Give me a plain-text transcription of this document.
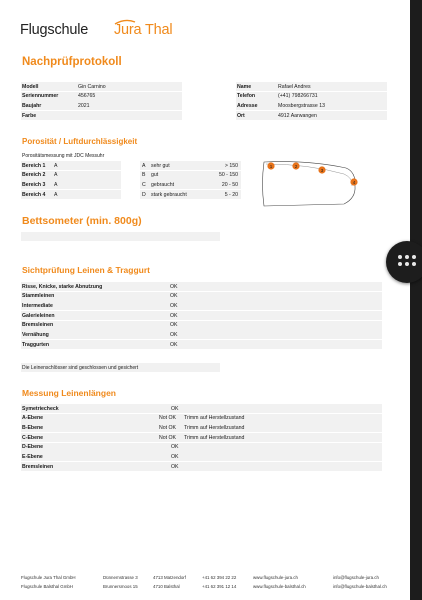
Flugschule Jura Thal
Nachprüfprotokoll
Modell	Gin Carnino
Seriennummer	456765
Baujahr	2021
Farbe
Name	Rafael Andres
Telefon	(+41) 798266731
Adresse	Moosbergstrasse 13
Ort	4912 Aarwangen
Porosität / Luftdurchlässigkeit
Porositätsmessung mit JDC Messuhr
Bereich 1 A
Bereich 2 A
Bereich 3 A
Bereich 4 A
A sehr gut	> 150
B gut	50 - 150
C gebraucht	20 - 50
D stark gebraucht	5 - 20
1	2
3
4
Bettsometer (min. 800g)
Sichtprüfung Leinen & Traggurt
Risse, Knicke, starke Abnutzung	OK
Stammleinen	OK
Intermediate	OK
Galerieleinen	OK
Bremsleinen	OK
Vernähung	OK
Traggurten	OK
Die Leinenschlösser sind geschlossen und gesichert
Messung Leinenlängen
Symetriecheck	OK
A-Ebene	Not OK Trimm auf Herstellzustand
B-Ebene	Not OK Trimm auf Herstellzustand
C-Ebene	Not OK Trimm auf Herstellzustand
D-Ebene	OK
E-Ebene	OK
Bremsleinen	OK
Flugschule Jura Thal GmbH	Dünnernstrasse 3	4713 Matzendorf	+41 62 394 22 22	www.flugschule-jura.ch	info@flugschule-jura.ch
Flugschule Balsthal GmbH	Brunnersmoos 15	4710 Balsthal	+41 62 391 12 14	www.flugschule-balsthal.ch	info@flugschule-balsthal.ch
